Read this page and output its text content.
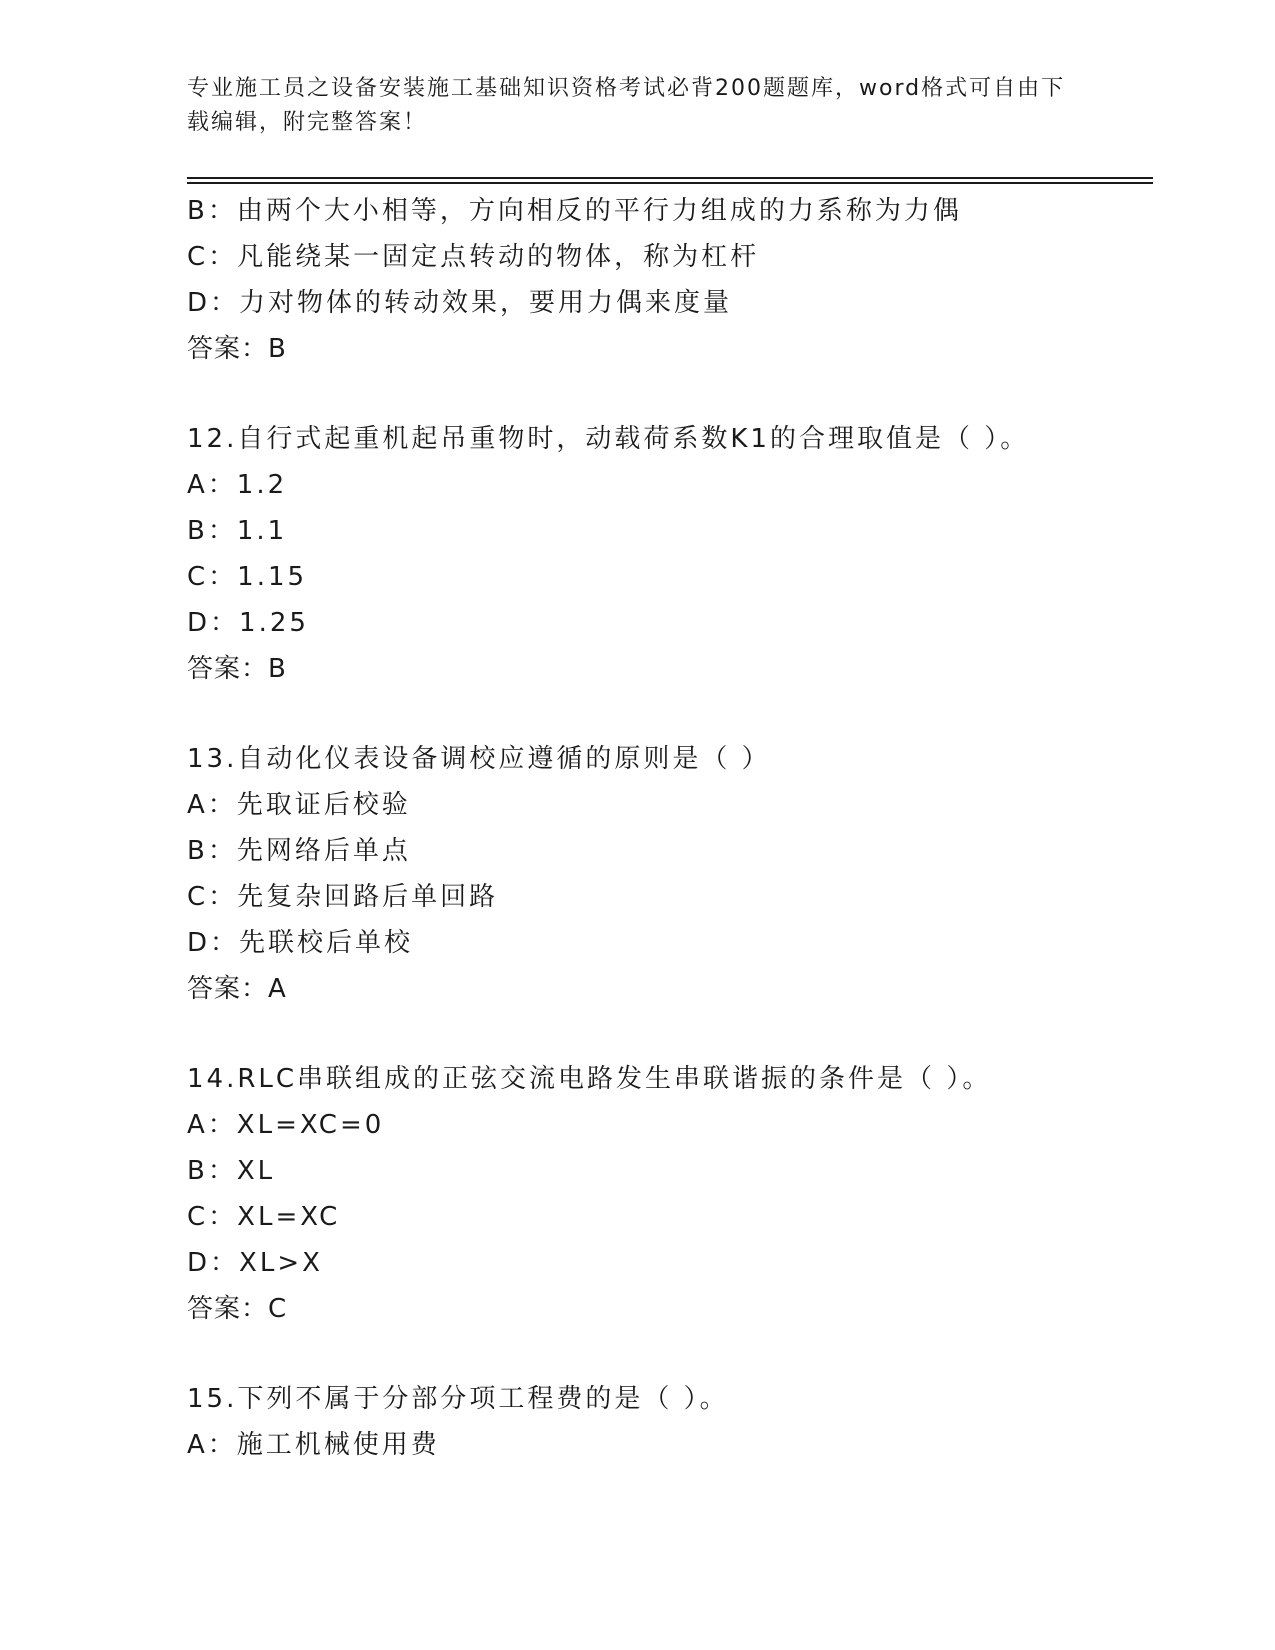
专业施工员之设备安装施工基础知识资格考试必背200题题库，word格式可自由下载编辑，附完整答案！
B：由两个大小相等，方向相反的平行力组成的力系称为力偶
C：凡能绕某一固定点转动的物体，称为杠杆
D：力对物体的转动效果，要用力偶来度量
答案：B
12.自行式起重机起吊重物时，动载荷系数K1的合理取值是（ ）。
A：1.2
B：1.1
C：1.15
D：1.25
答案：B
13.自动化仪表设备调校应遵循的原则是（ ）
A：先取证后校验
B：先网络后单点
C：先复杂回路后单回路
D：先联校后单校
答案：A
14.RLC串联组成的正弦交流电路发生串联谐振的条件是（ ）。
A：XL=XC=0
B：XL
C：XL=XC
D：XL>X
答案：C
15.下列不属于分部分项工程费的是（ ）。
A：施工机械使用费
